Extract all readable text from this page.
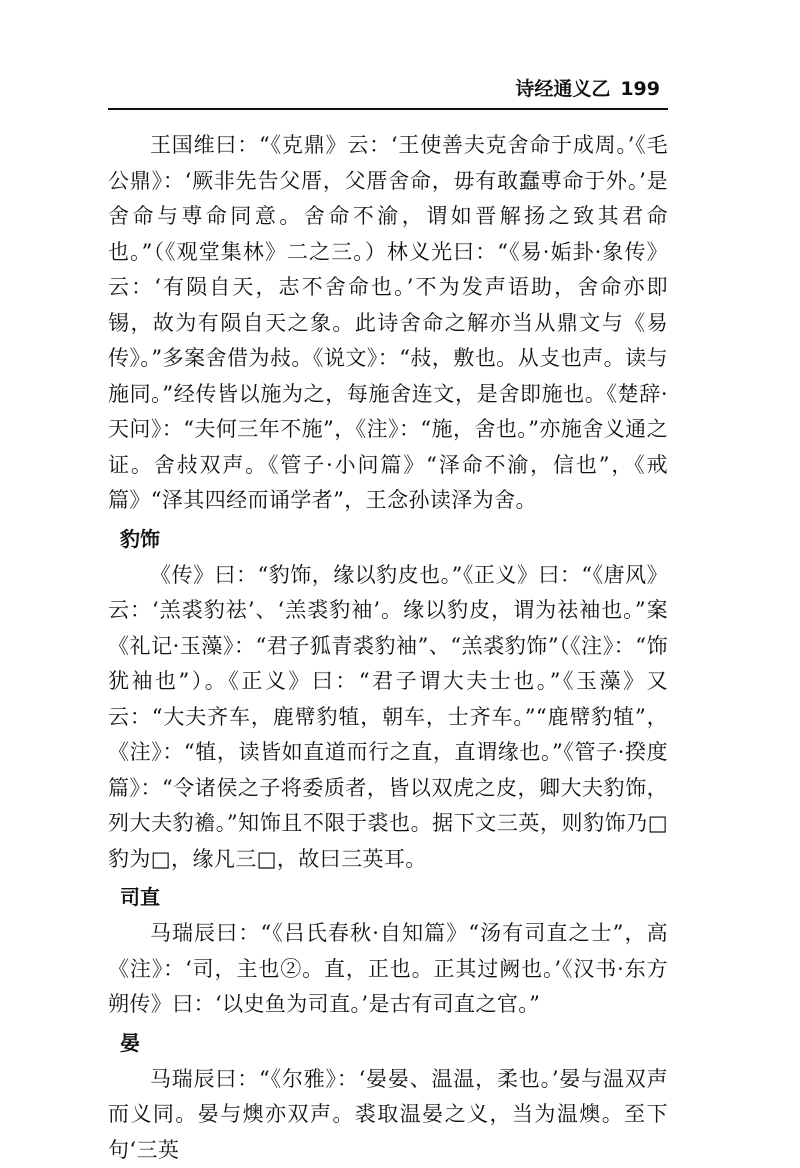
诗经通义乙 199

王国维曰：“《克鼎》云：‘王使善夫克舍命于成周。’《毛公鼎》：‘厥非先告父厝，父厝舍命，毋有敢蠢尃命于外。’是舍命与尃命同意。舍命不渝，谓如晋解扬之致其君命也。”（《观堂集林》二之三。）林义光曰：“《易·姤卦·象传》云：‘有陨自天，志不舍命也。’不为发声语助，舍命亦即锡，故为有陨自天之象。此诗舍命之解亦当从鼎文与《易传》。”多案舍借为敊。《说文》：“敊，敷也。从攴也声。读与施同。”经传皆以施为之，每施舍连文，是舍即施也。《楚辞·天问》：“夫何三年不施”，《注》：“施，舍也。”亦施舍义通之证。舍敊双声。《管子·小问篇》“泽命不渝，信也”，《戒篇》“泽其四经而诵学者”，王念孙读泽为舍。

豹饰

《传》曰：“豹饰，缘以豹皮也。”《正义》曰：“《唐风》云：‘羔裘豹祛’、‘羔裘豹袖’。缘以豹皮，谓为祛袖也。”案《礼记·玉藻》：“君子狐青裘豹袖”、“羔裘豹饰”（《注》：“饰犹袖也”）。《正义》曰：“君子谓大夫士也。”《玉藻》又云：“大夫齐车，鹿幦豹犆，朝车，士齐车。”“鹿幦豹犆”，《注》：“犆，读皆如直道而行之直，直谓缘也。”《管子·揆度篇》：“令诸侯之子将委质者，皆以双虎之皮，卿大夫豹饰，列大夫豹襜。”知饰且不限于裘也。据下文三英，则豹饰乃□豹为□，缘凡三□，故曰三英耳。

司直

马瑞辰曰：“《吕氏春秋·自知篇》“汤有司直之士”，高《注》：‘司，主也②。直，正也。正其过阙也。’《汉书·东方朔传》曰：‘以史鱼为司直。’是古有司直之官。”

晏

马瑞辰曰：“《尔雅》：‘晏晏、温温，柔也。’晏与温双声而义同。晏与燠亦双声。裘取温晏之义，当为温燠。至下句‘三英
